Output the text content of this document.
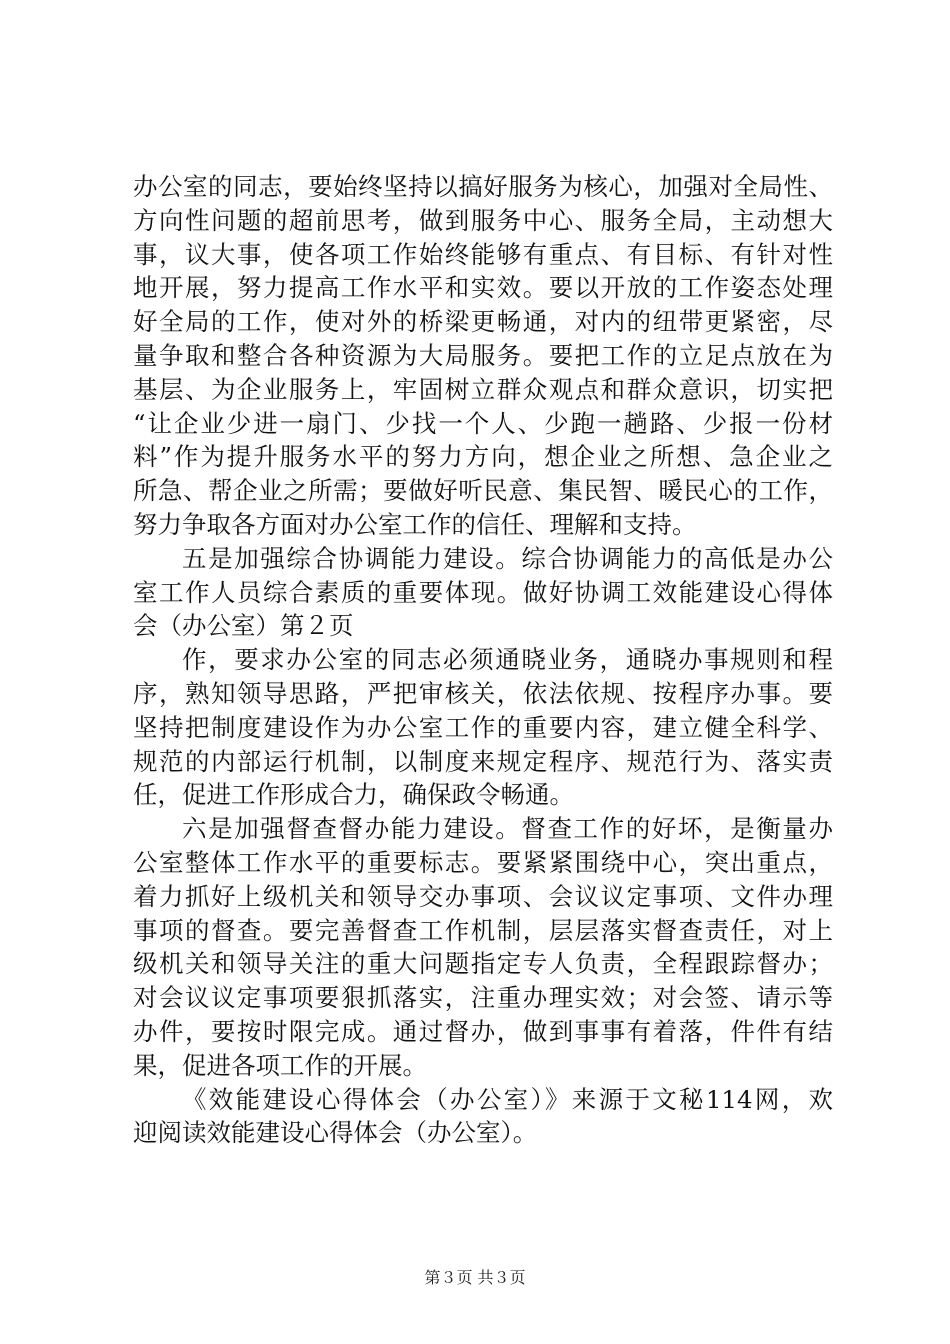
办公室的同志，要始终坚持以搞好服务为核心，加强对全局性、
方向性问题的超前思考，做到服务中心、服务全局，主动想大
事，议大事，使各项工作始终能够有重点、有目标、有针对性
地开展，努力提高工作水平和实效。要以开放的工作姿态处理
好全局的工作，使对外的桥梁更畅通，对内的纽带更紧密，尽
量争取和整合各种资源为大局服务。要把工作的立足点放在为
基层、为企业服务上，牢固树立群众观点和群众意识，切实把
“让企业少进一扇门、少找一个人、少跑一趟路、少报一份材
料”作为提升服务水平的努力方向，想企业之所想、急企业之
所急、帮企业之所需；要做好听民意、集民智、暖民心的工作，
努力争取各方面对办公室工作的信任、理解和支持。
五是加强综合协调能力建设。综合协调能力的高低是办公
室工作人员综合素质的重要体现。做好协调工效能建设心得体
会（办公室）第２页
作，要求办公室的同志必须通晓业务，通晓办事规则和程
序，熟知领导思路，严把审核关，依法依规、按程序办事。要
坚持把制度建设作为办公室工作的重要内容，建立健全科学、
规范的内部运行机制，以制度来规定程序、规范行为、落实责
任，促进工作形成合力，确保政令畅通。
六是加强督查督办能力建设。督查工作的好坏，是衡量办
公室整体工作水平的重要标志。要紧紧围绕中心，突出重点，
着力抓好上级机关和领导交办事项、会议议定事项、文件办理
事项的督查。要完善督查工作机制，层层落实督查责任，对上
级机关和领导关注的重大问题指定专人负责，全程跟踪督办；
对会议议定事项要狠抓落实，注重办理实效；对会签、请示等
办件，要按时限完成。通过督办，做到事事有着落，件件有结
果，促进各项工作的开展。
《效能建设心得体会（办公室）》来源于文秘114网，欢
迎阅读效能建设心得体会（办公室）。
第３页 共３页
